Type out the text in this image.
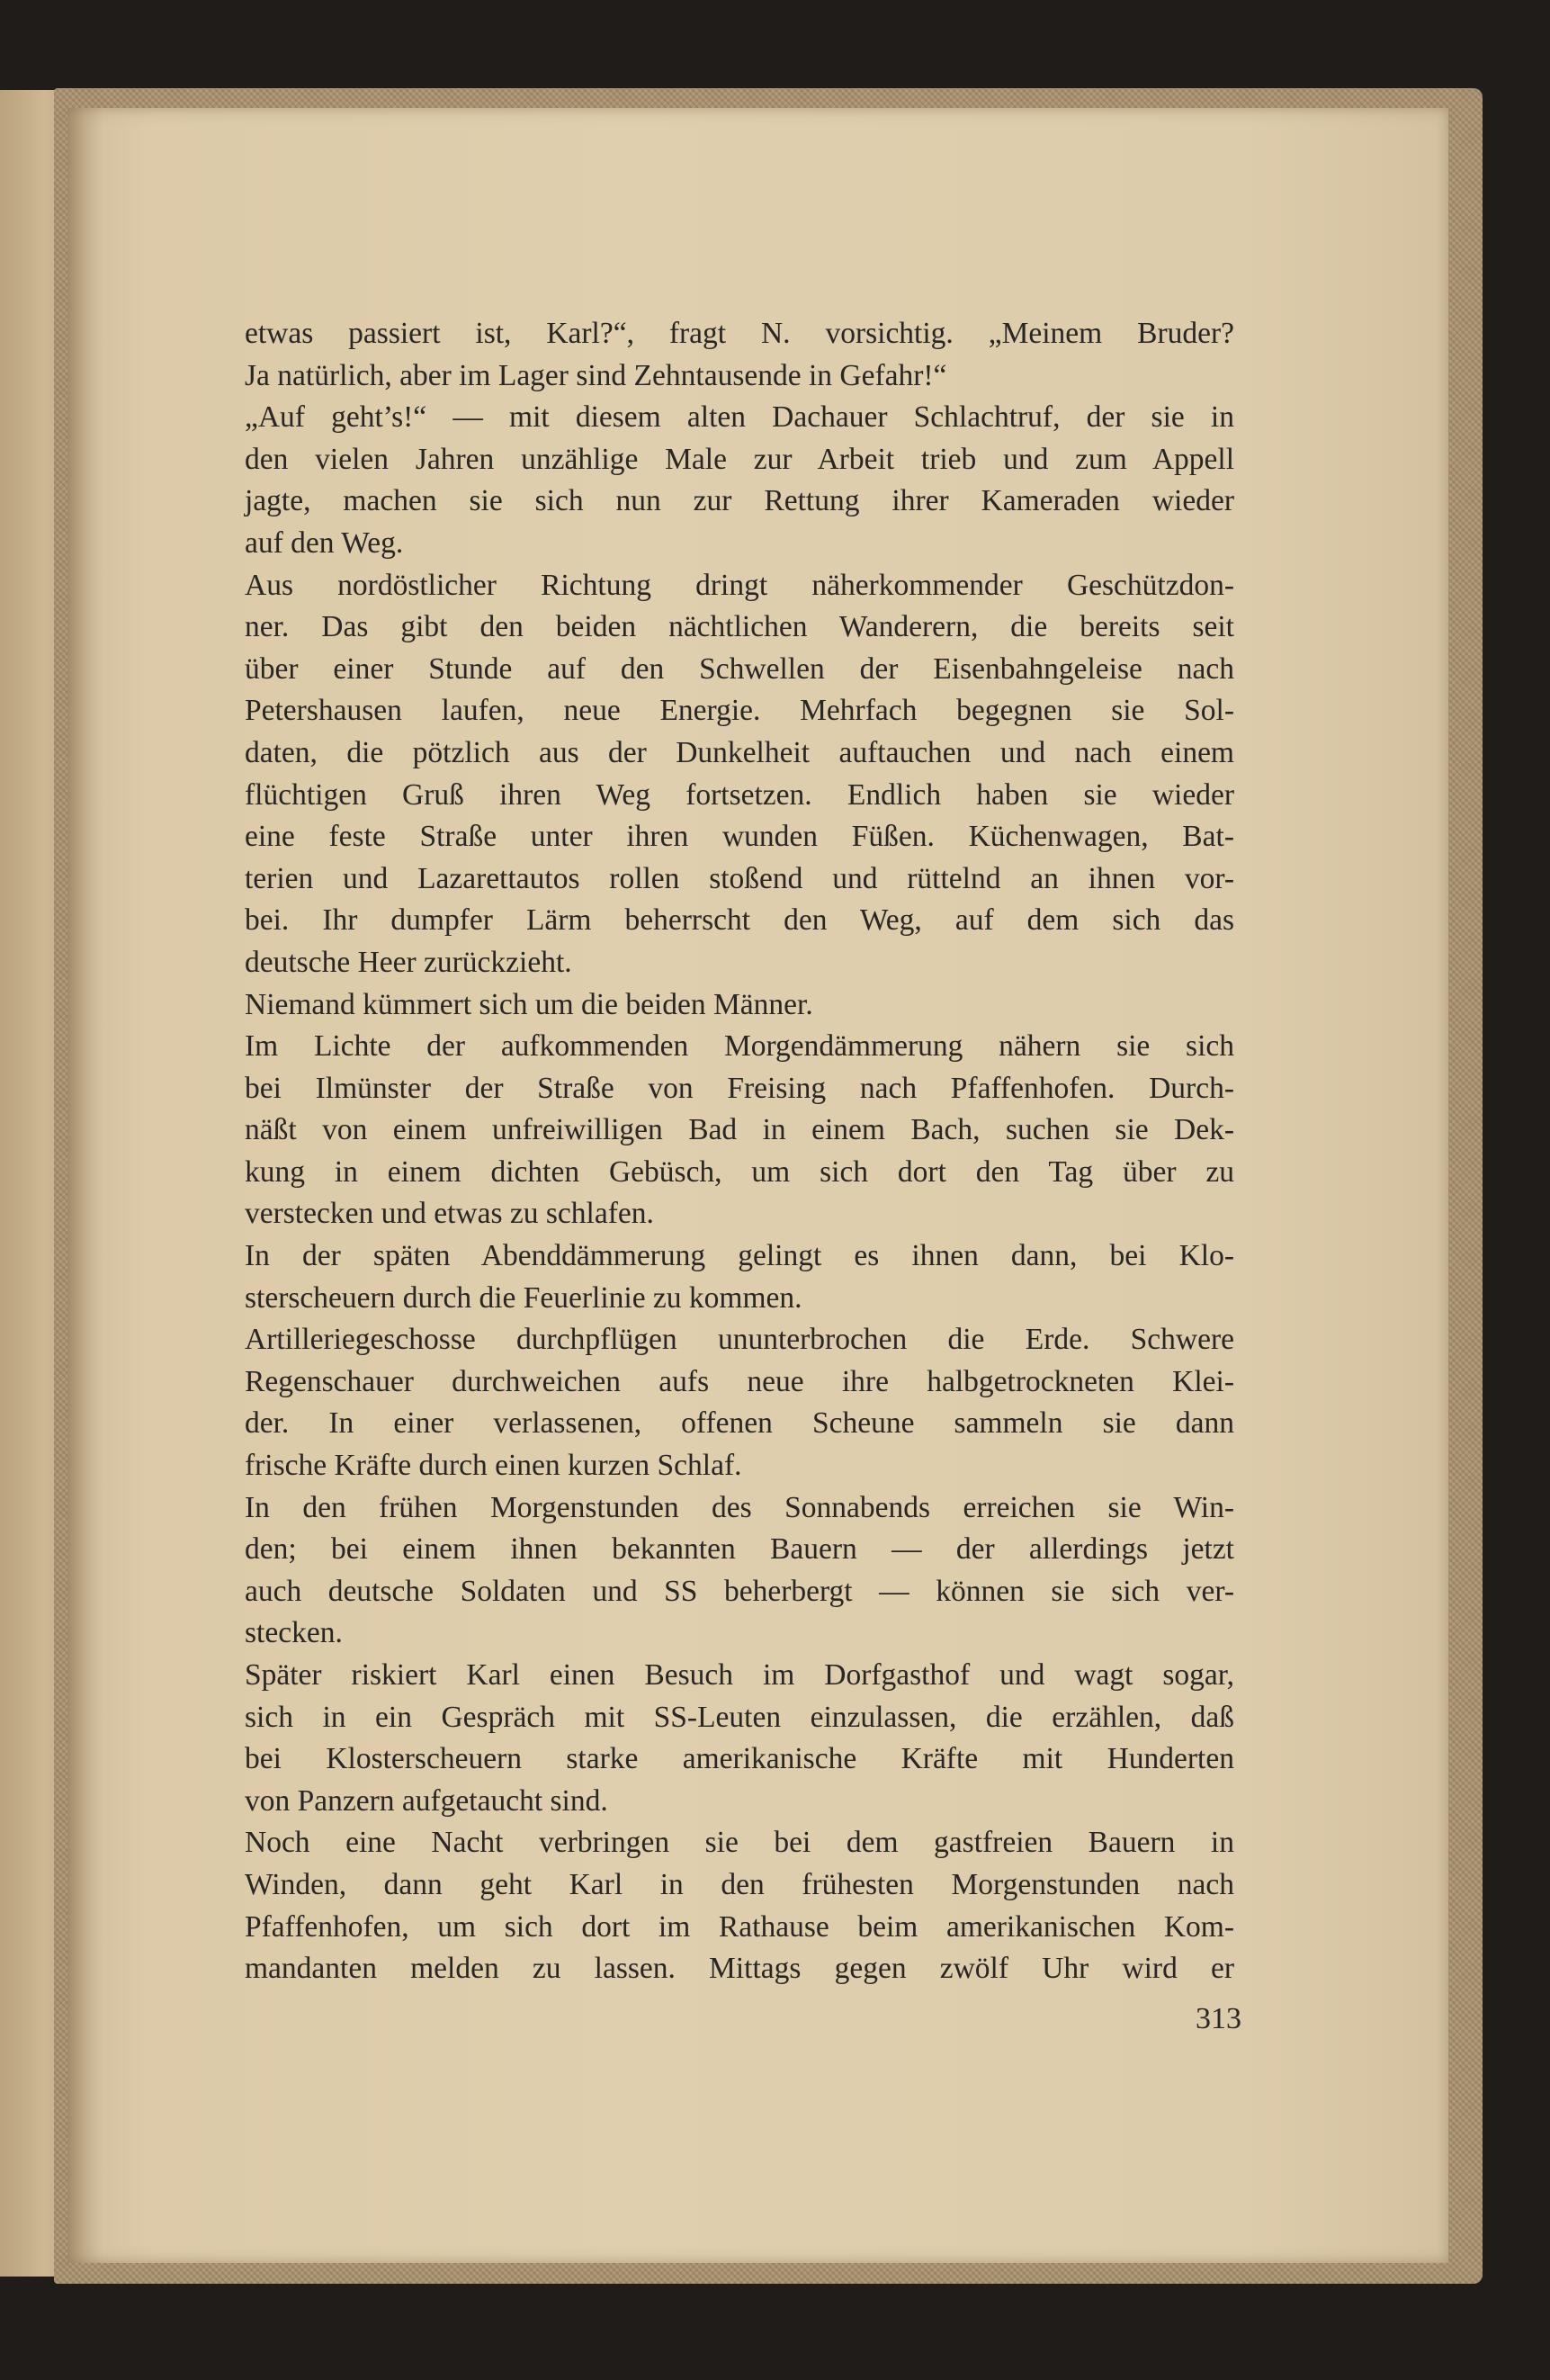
etwas passiert ist, Karl?“, fragt N. vorsichtig. „Meinem Bruder?
Ja natürlich, aber im Lager sind Zehntausende in Gefahr!“
„Auf geht’s!“ — mit diesem alten Dachauer Schlachtruf, der sie in
den vielen Jahren unzählige Male zur Arbeit trieb und zum Appell
jagte, machen sie sich nun zur Rettung ihrer Kameraden wieder
auf den Weg.
Aus nordöstlicher Richtung dringt näherkommender Geschützdon-
ner. Das gibt den beiden nächtlichen Wanderern, die bereits seit
über einer Stunde auf den Schwellen der Eisenbahngeleise nach
Petershausen laufen, neue Energie. Mehrfach begegnen sie Sol-
daten, die pötzlich aus der Dunkelheit auftauchen und nach einem
flüchtigen Gruß ihren Weg fortsetzen. Endlich haben sie wieder
eine feste Straße unter ihren wunden Füßen. Küchenwagen, Bat-
terien und Lazarettautos rollen stoßend und rüttelnd an ihnen vor-
bei. Ihr dumpfer Lärm beherrscht den Weg, auf dem sich das
deutsche Heer zurückzieht.
Niemand kümmert sich um die beiden Männer.
Im Lichte der aufkommenden Morgendämmerung nähern sie sich
bei Ilmünster der Straße von Freising nach Pfaffenhofen. Durch-
näßt von einem unfreiwilligen Bad in einem Bach, suchen sie Dek-
kung in einem dichten Gebüsch, um sich dort den Tag über zu
verstecken und etwas zu schlafen.
In der späten Abenddämmerung gelingt es ihnen dann, bei Klo-
sterscheuern durch die Feuerlinie zu kommen.
Artilleriegeschosse durchpflügen ununterbrochen die Erde. Schwere
Regenschauer durchweichen aufs neue ihre halbgetrockneten Klei-
der. In einer verlassenen, offenen Scheune sammeln sie dann
frische Kräfte durch einen kurzen Schlaf.
In den frühen Morgenstunden des Sonnabends erreichen sie Win-
den; bei einem ihnen bekannten Bauern — der allerdings jetzt
auch deutsche Soldaten und SS beherbergt — können sie sich ver-
stecken.
Später riskiert Karl einen Besuch im Dorfgasthof und wagt sogar,
sich in ein Gespräch mit SS-Leuten einzulassen, die erzählen, daß
bei Klosterscheuern starke amerikanische Kräfte mit Hunderten
von Panzern aufgetaucht sind.
Noch eine Nacht verbringen sie bei dem gastfreien Bauern in
Winden, dann geht Karl in den frühesten Morgenstunden nach
Pfaffenhofen, um sich dort im Rathause beim amerikanischen Kom-
mandanten melden zu lassen. Mittags gegen zwölf Uhr wird er
313
